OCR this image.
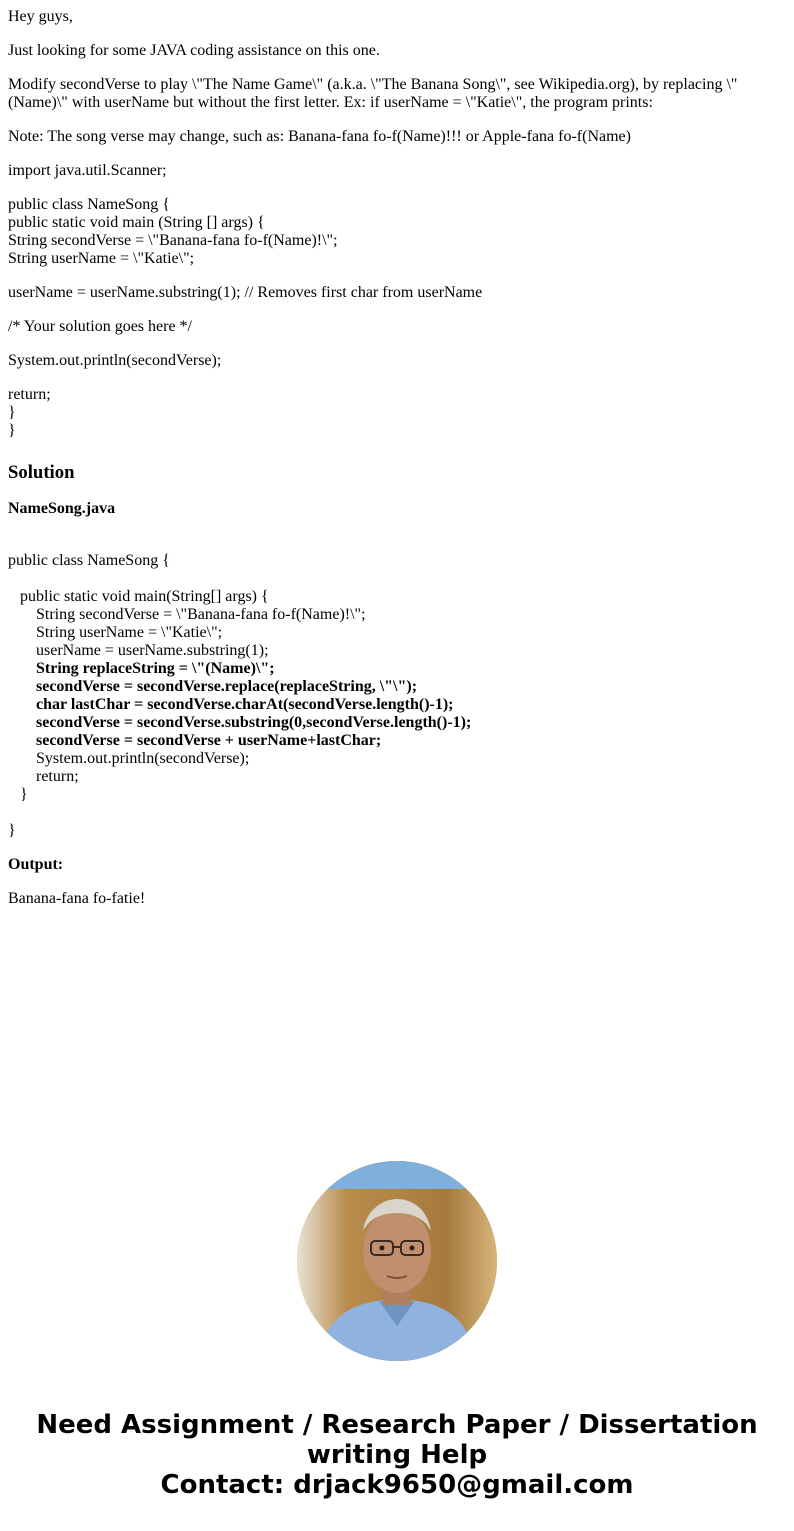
Hey guys,

Just looking for some JAVA coding assistance on this one.

Modify secondVerse to play \"The Name Game\" (a.k.a. \"The Banana Song\", see Wikipedia.org), by replacing \"(Name)\" with userName but without the first letter. Ex: if userName = \"Katie\", the program prints:

Note: The song verse may change, such as: Banana-fana fo-f(Name)!!! or Apple-fana fo-f(Name)

import java.util.Scanner;

public class NameSong {

public static void main (String [] args) {

String secondVerse = \"Banana-fana fo-f(Name)!\";

String userName = \"Katie\";

userName = userName.substring(1); // Removes first char from userName

/* Your solution goes here */

System.out.println(secondVerse);

return;

}

}

Solution
NameSong.java
public class NameSong {
public static void main(String[] args) {
String secondVerse = \"Banana-fana fo-f(Name)!\";
String userName = \"Katie\";
userName = userName.substring(1);
String replaceString = \"(Name)\";
secondVerse = secondVerse.replace(replaceString, \"\");
char lastChar = secondVerse.charAt(secondVerse.length()-1);
secondVerse = secondVerse.substring(0,secondVerse.length()-1);
secondVerse = secondVerse + userName+lastChar;
System.out.println(secondVerse);
return;
}
}
Output:

Banana-fana fo-fatie!

Need Assignment / Research Paper / Dissertation
writing Help
Contact: drjack9650@gmail.com
